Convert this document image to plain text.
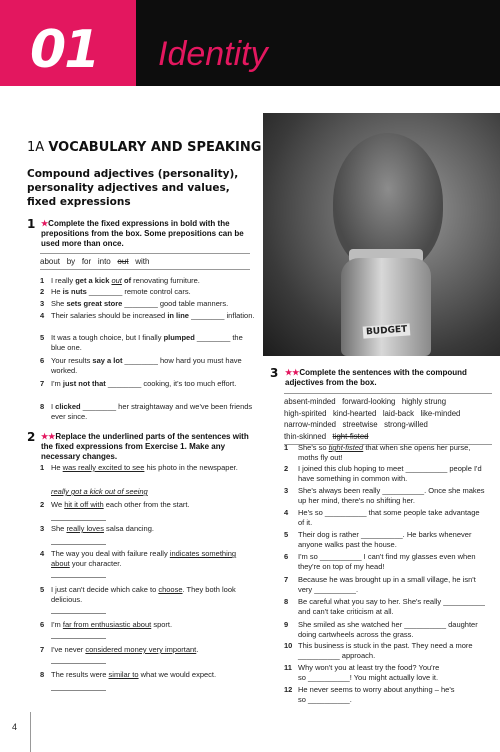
01 Identity
BUDGET
1A VOCABULARY AND SPEAKING
Compound adjectives (personality), personality adjectives and values, fixed expressions
1 ★Complete the fixed expressions in bold with the prepositions from the box. Some prepositions can be used more than once.
about by for into out with
1 I really get a kick out of renovating furniture.
2 He is nuts ________ remote control cars.
3 She sets great store ________ good table manners.
4 Their salaries should be increased in line ________ inflation.
5 It was a tough choice, but I finally plumped ________ the blue one.
6 Your results say a lot ________ how hard you must have worked.
7 I'm just not that ________ cooking, it's too much effort.
8 I clicked ________ her straightaway and we've been friends ever since.
2 ★★Replace the underlined parts of the sentences with the fixed expressions from Exercise 1. Make any necessary changes.
1 He was really excited to see his photo in the newspaper.
really got a kick out of seeing
2 We hit it off with each other from the start.
3 She really loves salsa dancing.
4 The way you deal with failure really indicates something about your character.
5 I just can't decide which cake to choose. They both look delicious.
6 I'm far from enthusiastic about sport.
7 I've never considered money very important.
8 The results were similar to what we would expect.
3 ★★Complete the sentences with the compound adjectives from the box.
absent-minded   forward-looking   highly strung
high-spirited   kind-hearted   laid-back   like-minded
narrow-minded   streetwise   strong-willed
thin-skinned tight-fisted
1 She's so tight-fisted that when she opens her purse,
moths fly out!
2 I joined this club hoping to meet __________ people I'd
have something in common with.
3 She's always been really __________. Once she makes
up her mind, there's no shifting her.
4 He's so __________ that some people take advantage
of it.
5 Their dog is rather __________. He barks whenever
anyone walks past the house.
6 I'm so __________ I can't find my glasses even when
they're on top of my head!
7 Because he was brought up in a small village, he isn't
very __________.
8 Be careful what you say to her. She's really __________
and can't take criticism at all.
9 She smiled as she watched her __________ daughter
doing cartwheels across the grass.
10 This business is stuck in the past. They need a more
__________ approach.
11 Why won't you at least try the food? You're
so __________! You might actually love it.
12 He never seems to worry about anything – he's
so __________.
4
